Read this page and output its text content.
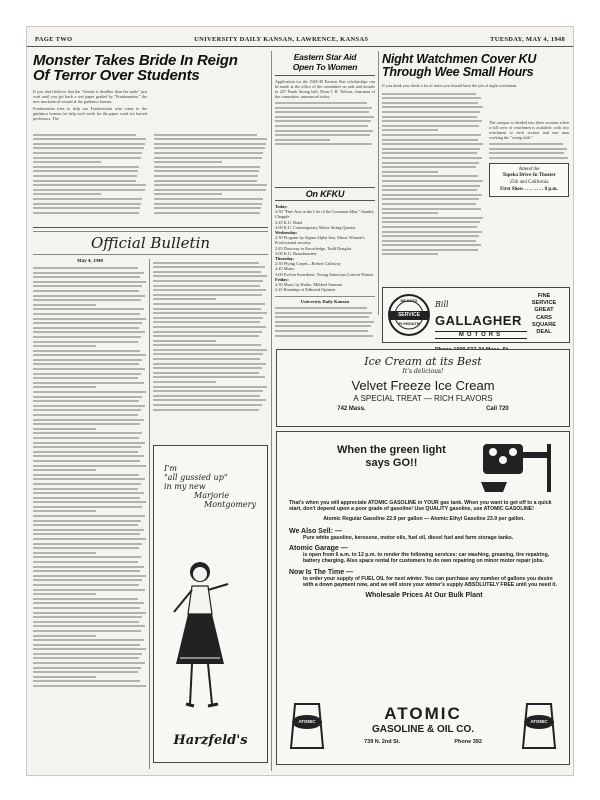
PAGE TWO	UNIVERSITY DAILY KANSAN, LAWRENCE, KANSAS	TUESDAY, MAY 4, 1948
Monster Takes Bride In Reign
Of Terror Over Students

If you don't believe that the "female is deadlier than the male" just wait until you get back a test paper graded by "Frankenstein," the new mechanical wizard at the guidance bureau.

Frankenstein tries to help our Frankenstein who come to the guidance bureau for help each week for the paper work for barred professors. The

Official Bulletin
May 4, 1948
I'm
"all gussied up"
in my new
Marjorie
Montgomery
Harzfeld's
Eastern Star Aid
Open To Women
Application for the 1948-49 Eastern Star scholarships can be made at the office of the committee on aids and awards in 227 Frank Strong hall, Dean J. H. Nelson, chairman of the committee, announced today.
On KFKU
Today:
2:30 "Fine Arts in the Life of the Common Man," Stanley Chapple
2:45 K.U. Band
3:00 K.U. Contemporary Music String Quartet
Wednesday:
2:30 Program by Sigma Alpha Iota, Music Women's Professional sorority.
2:45 Doorway to Knowledge, Todd Douglas
3:00 K.U. Brandmasters
Thursday:
2:30 Flying Carpet—Robert Callaway
2:45 Music
3:00 Evelyn Swarthout, Young American Concert Pianist
Friday:
2:30 Music by Radio, Mildred Seaman
2:45 Roundup of Editorial Opinion
University Daily Kansan
Night Watchmen Cover KU
Through Wee Small Hours
If you think you climb a lot of stairs you should have the job of night watchman.
The campus is divided into three sections when a full crew of watchmen is available, with two watchmen to each section and one man working the "swing shift."
Attend the
Topeka Drive-In Theater
25th and California
First Show . . . . . . . . 8 p.m.
DE SOTO
SERVICE
PLYMOUTH
Bill GALLAGHER
MOTORS
FINE
SERVICE
GREAT
CARS
SQUARE
DEAL
Ice Cream at its Best
It's delicious!
Velvet Freeze Ice Cream
A SPECIAL TREAT — RICH FLAVORS
742 Mass.	Call 720
When the green light
says GO!!
That's when you will appreciate ATOMIC GASOLINE in YOUR gas tank. When you want to get off to a quick start, don't depend upon a poor grade of gasoline! Use QUALITY gasoline, use ATOMIC GASOLINE!
Atomic Regular Gasoline 22.9 per gallon — Atomic Ethyl Gasoline 23.9 per gallon.
We Also Sell: —
Pure white gasoline, kerosene, motor oils, fuel oil, diesel fuel and farm storage tanks.
Atomic Garage —
is open from 6 a.m. to 12 p.m. to render the following services: car washing, greasing, tire repairing, battery charging. Also space rental for customers to do own repairing on minor motor repair jobs.
Now Is The Time —
to order your supply of FUEL OIL for next winter. You can purchase any number of gallons you desire with a down payment now, and we will store your winter's supply ABSOLUTELY FREE until you need it.
Wholesale Prices At Our Bulk Plant
ATOMIC	ATOMIC
ATOMIC
GASOLINE & OIL CO.
739 N. 2nd St.	Phone 392
